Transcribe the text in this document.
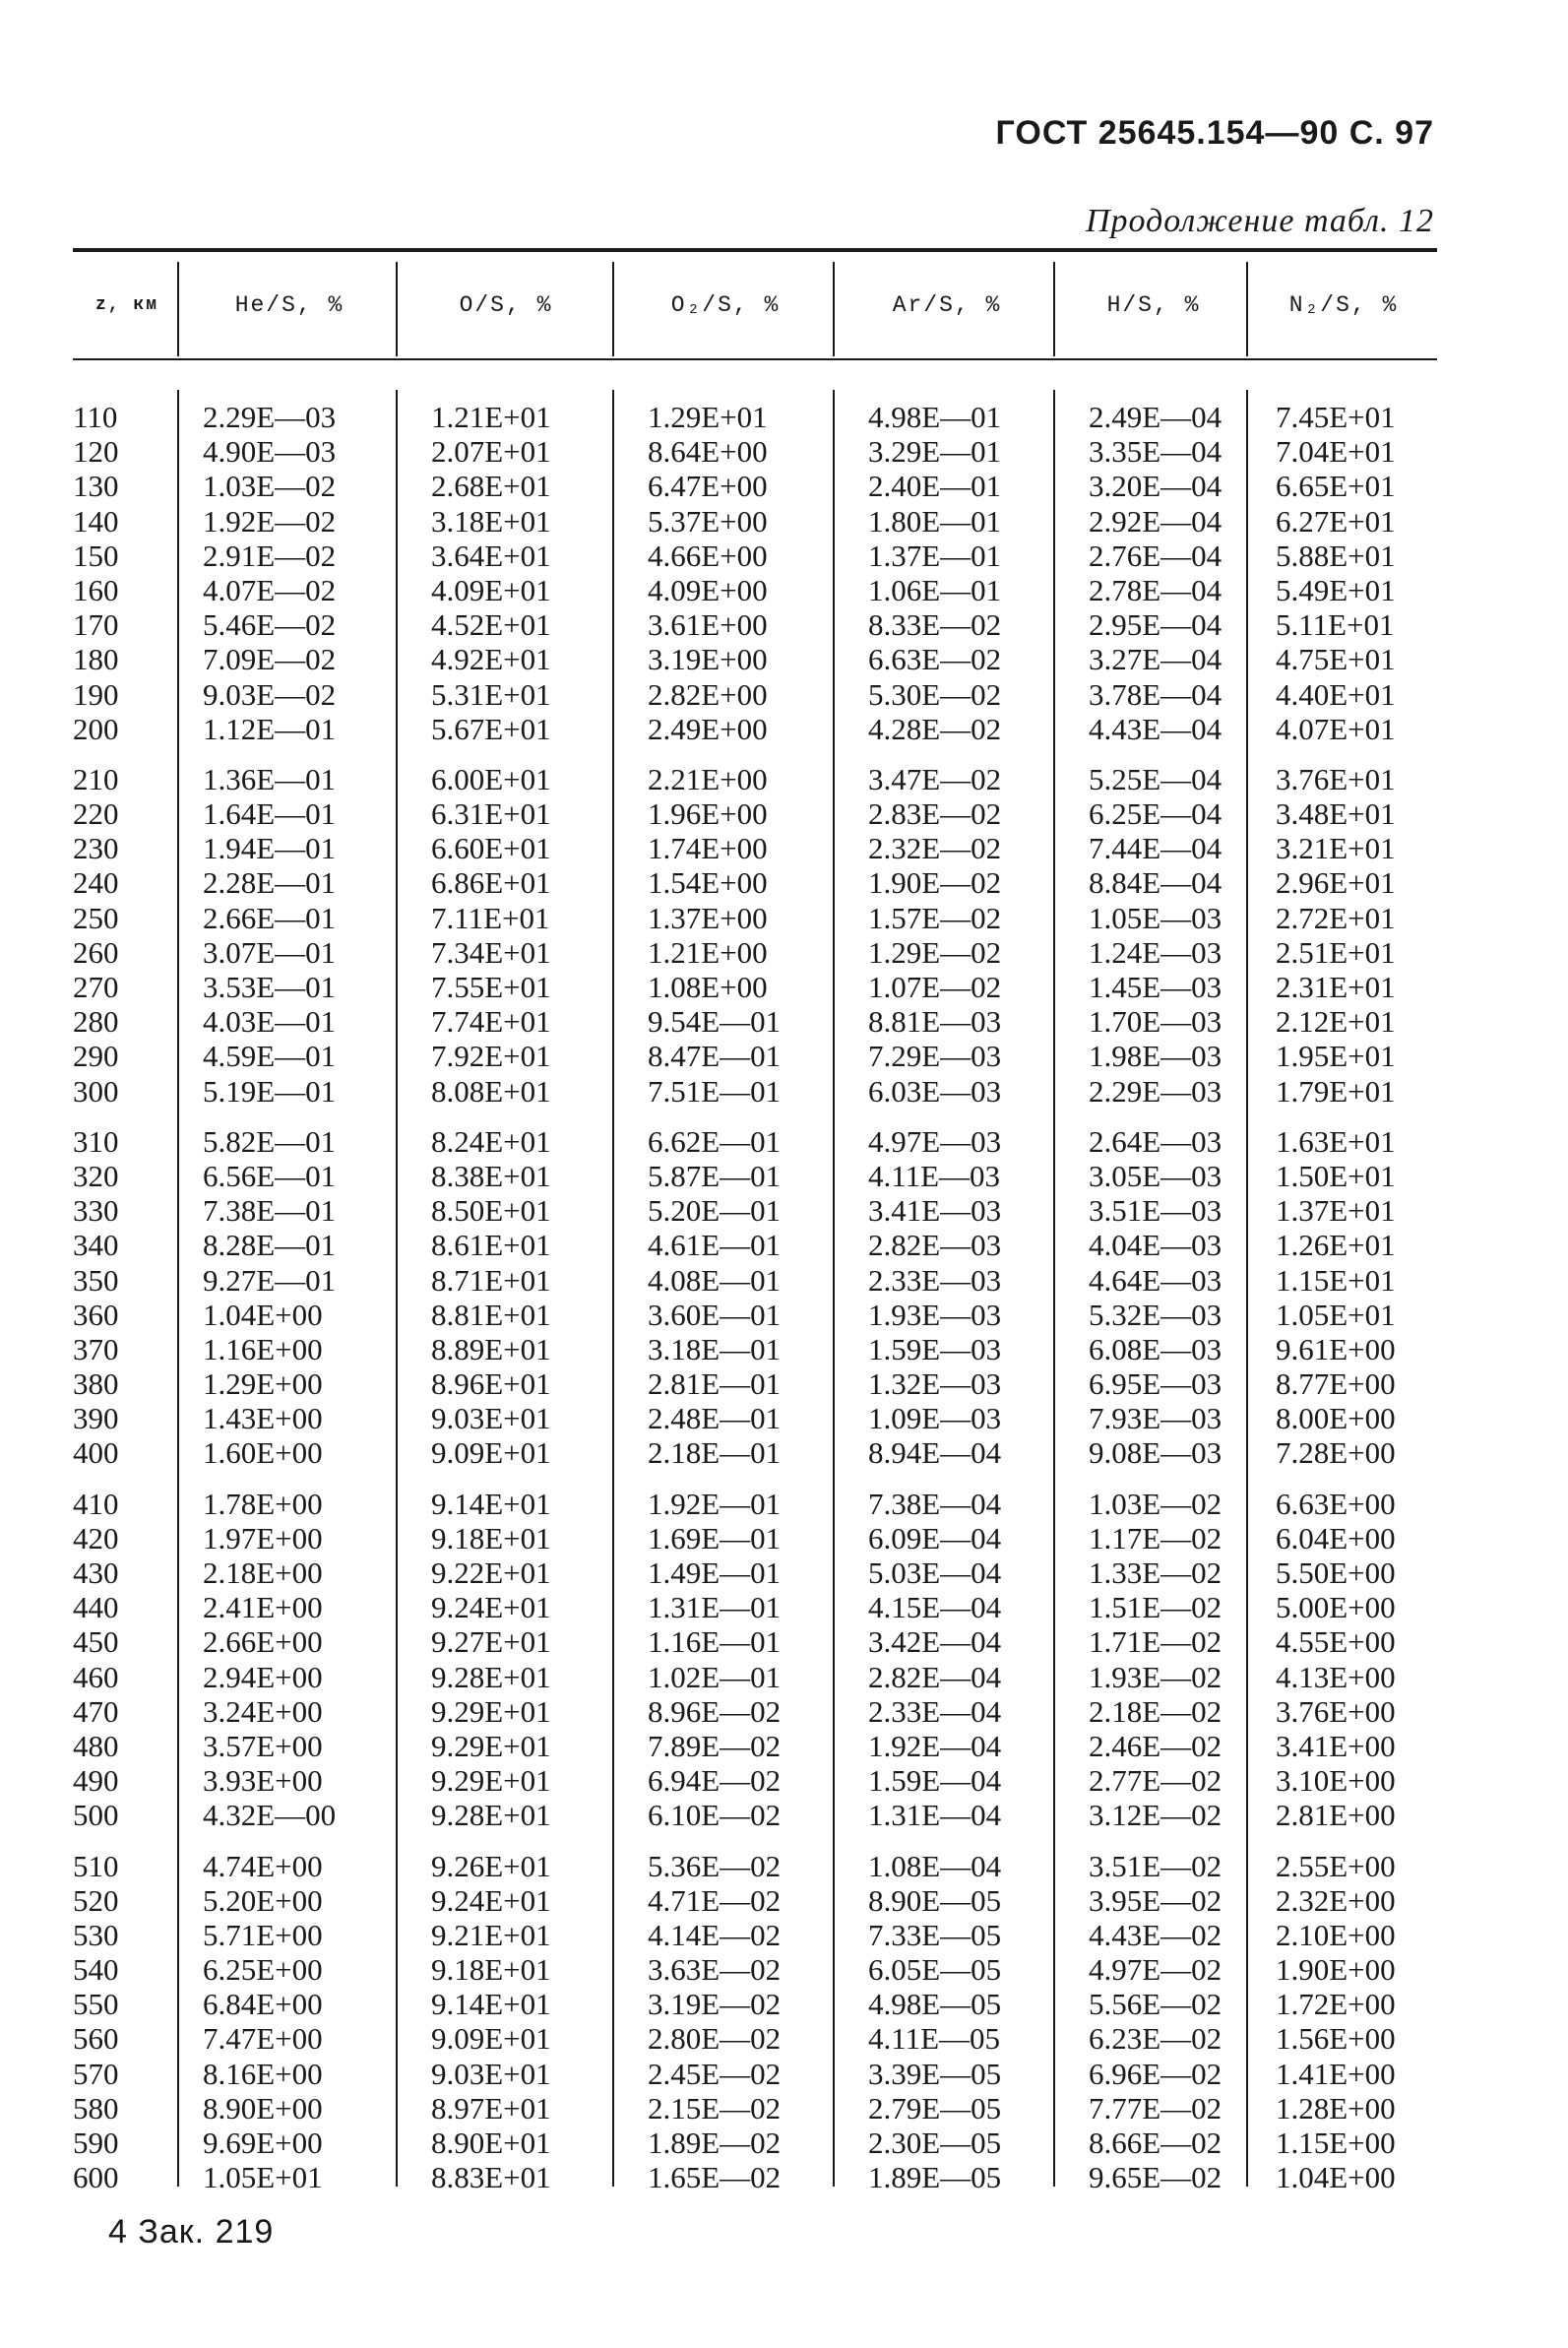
ГОСТ 25645.154—90 С. 97
Продолжение табл. 12
z, км	He/S, %	O/S, %	O₂/S, %	Ar/S, %	H/S, %	N₂/S, %
110	2.29E—03	1.21E+01	1.29E+01	4.98E—01	2.49E—04 7.45E+01
120	4.90E—03	2.07E+01	8.64E+00	3.29E—01	3.35E—04 7.04E+01
130	1.03E—02	2.68E+01	6.47E+00	2.40E—01	3.20E—04 6.65E+01
140	1.92E—02	3.18E+01	5.37E+00	1.80E—01	2.92E—04 6.27E+01
150	2.91E—02	3.64E+01	4.66E+00	1.37E—01	2.76E—04 5.88E+01
160	4.07E—02	4.09E+01	4.09E+00	1.06E—01	2.78E—04 5.49E+01
170	5.46E—02	4.52E+01	3.61E+00	8.33E—02	2.95E—04 5.11E+01
180	7.09E—02	4.92E+01	3.19E+00	6.63E—02	3.27E—04 4.75E+01
190	9.03E—02	5.31E+01	2.82E+00	5.30E—02	3.78E—04 4.40E+01
200	1.12E—01	5.67E+01	2.49E+00	4.28E—02	4.43E—04 4.07E+01
210	1.36E—01	6.00E+01	2.21E+00	3.47E—02	5.25E—04 3.76E+01
220	1.64E—01	6.31E+01	1.96E+00	2.83E—02	6.25E—04 3.48E+01
230	1.94E—01	6.60E+01	1.74E+00	2.32E—02	7.44E—04 3.21E+01
240	2.28E—01	6.86E+01	1.54E+00	1.90E—02	8.84E—04 2.96E+01
250	2.66E—01	7.11E+01	1.37E+00	1.57E—02	1.05E—03 2.72E+01
260	3.07E—01	7.34E+01	1.21E+00	1.29E—02	1.24E—03 2.51E+01
270	3.53E—01	7.55E+01	1.08E+00	1.07E—02	1.45E—03 2.31E+01
280	4.03E—01	7.74E+01	9.54E—01	8.81E—03	1.70E—03 2.12E+01
290	4.59E—01	7.92E+01	8.47E—01	7.29E—03	1.98E—03 1.95E+01
300	5.19E—01	8.08E+01	7.51E—01	6.03E—03	2.29E—03 1.79E+01
310	5.82E—01	8.24E+01	6.62E—01	4.97E—03	2.64E—03 1.63E+01
320	6.56E—01	8.38E+01	5.87E—01	4.11E—03	3.05E—03 1.50E+01
330	7.38E—01	8.50E+01	5.20E—01	3.41E—03	3.51E—03 1.37E+01
340	8.28E—01	8.61E+01	4.61E—01	2.82E—03	4.04E—03 1.26E+01
350	9.27E—01	8.71E+01	4.08E—01	2.33E—03	4.64E—03 1.15E+01
360	1.04E+00	8.81E+01	3.60E—01	1.93E—03	5.32E—03 1.05E+01
370	1.16E+00	8.89E+01	3.18E—01	1.59E—03	6.08E—03 9.61E+00
380	1.29E+00	8.96E+01	2.81E—01	1.32E—03	6.95E—03 8.77E+00
390	1.43E+00	9.03E+01	2.48E—01	1.09E—03	7.93E—03 8.00E+00
400	1.60E+00	9.09E+01	2.18E—01	8.94E—04	9.08E—03 7.28E+00
410	1.78E+00	9.14E+01	1.92E—01	7.38E—04	1.03E—02 6.63E+00
420	1.97E+00	9.18E+01	1.69E—01	6.09E—04	1.17E—02 6.04E+00
430	2.18E+00	9.22E+01	1.49E—01	5.03E—04	1.33E—02 5.50E+00
440	2.41E+00	9.24E+01	1.31E—01	4.15E—04	1.51E—02 5.00E+00
450	2.66E+00	9.27E+01	1.16E—01	3.42E—04	1.71E—02 4.55E+00
460	2.94E+00	9.28E+01	1.02E—01	2.82E—04	1.93E—02 4.13E+00
470	3.24E+00	9.29E+01	8.96E—02	2.33E—04	2.18E—02 3.76E+00
480	3.57E+00	9.29E+01	7.89E—02	1.92E—04	2.46E—02 3.41E+00
490	3.93E+00	9.29E+01	6.94E—02	1.59E—04	2.77E—02 3.10E+00
500	4.32E—00	9.28E+01	6.10E—02	1.31E—04	3.12E—02 2.81E+00
510	4.74E+00	9.26E+01	5.36E—02	1.08E—04	3.51E—02 2.55E+00
520	5.20E+00	9.24E+01	4.71E—02	8.90E—05	3.95E—02 2.32E+00
530	5.71E+00	9.21E+01	4.14E—02	7.33E—05	4.43E—02 2.10E+00
540	6.25E+00	9.18E+01	3.63E—02	6.05E—05	4.97E—02 1.90E+00
550	6.84E+00	9.14E+01	3.19E—02	4.98E—05	5.56E—02 1.72E+00
560	7.47E+00	9.09E+01	2.80E—02	4.11E—05	6.23E—02 1.56E+00
570	8.16E+00	9.03E+01	2.45E—02	3.39E—05	6.96E—02 1.41E+00
580	8.90E+00	8.97E+01	2.15E—02	2.79E—05	7.77E—02 1.28E+00
590	9.69E+00	8.90E+01	1.89E—02	2.30E—05	8.66E—02 1.15E+00
600	1.05E+01	8.83E+01	1.65E—02	1.89E—05	9.65E—02 1.04E+00
4 Зак. 219
